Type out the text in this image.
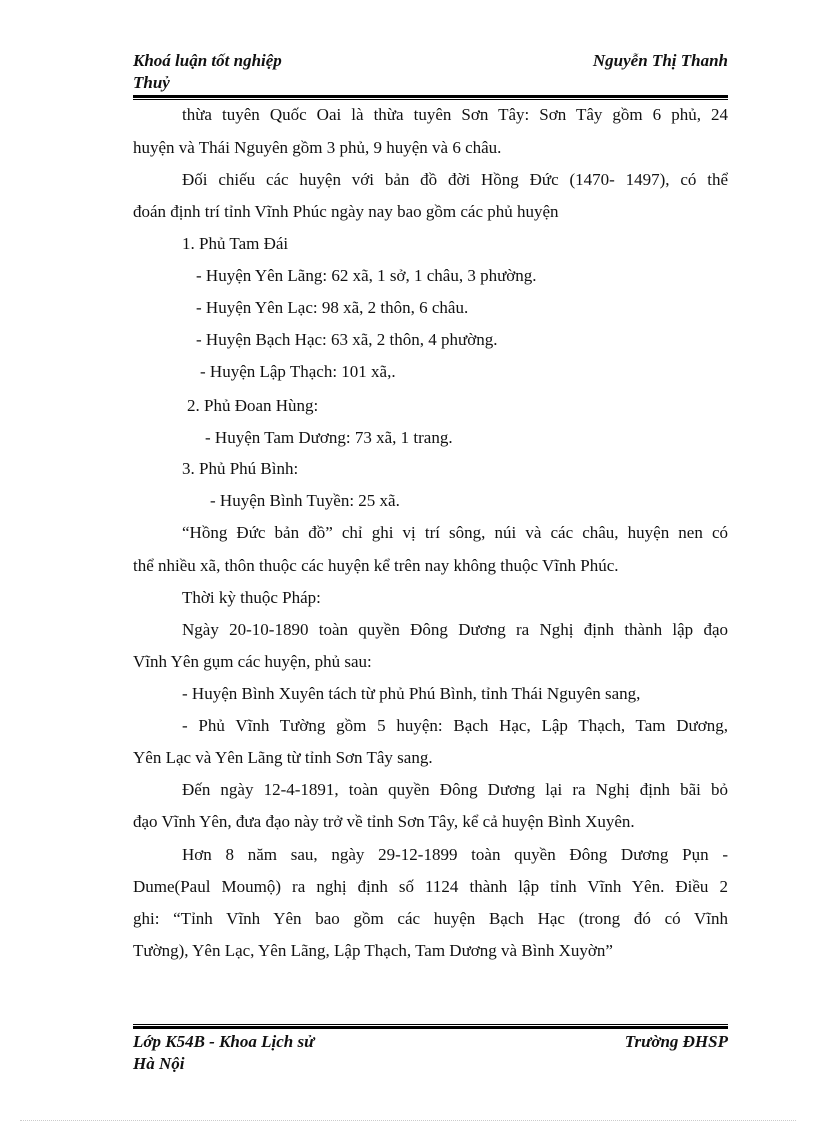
Khoá luận tốt nghiệp	Nguyễn Thị Thanh
Thuỷ
thừa tuyên Quốc Oai là thừa tuyên Sơn Tây: Sơn Tây gồm 6 phủ, 24
huyện và Thái Nguyên gồm 3 phủ, 9 huyện và 6 châu.
Đối chiếu các huyện với bản đồ đời Hồng Đức (1470- 1497), có thể
đoán định trí tỉnh Vĩnh Phúc ngày nay bao gồm các phủ huyện
1. Phủ Tam Đái
- Huyện Yên Lãng: 62 xã, 1 sở, 1 châu, 3 phường.
- Huyện Yên Lạc: 98 xã, 2 thôn, 6 châu.
- Huyện Bạch Hạc: 63 xã, 2 thôn, 4 phường.
- Huyện Lập Thạch: 101 xã,.
2. Phủ Đoan Hùng:
- Huyện Tam Dương: 73 xã, 1 trang.
3. Phủ Phú Bình:
- Huyện Bình Tuyền: 25 xã.
“Hồng Đức bản đồ” chỉ ghi vị trí sông, núi và các châu, huyện nen có
thể nhiều xã, thôn thuộc các huyện kể trên nay không thuộc Vĩnh Phúc.
Thời kỳ thuộc Pháp:
Ngày 20-10-1890 toàn quyền Đông Dương ra Nghị định thành lập đạo
Vĩnh Yên gụm các huyện, phủ sau:
- Huyện Bình Xuyên tách từ phủ Phú Bình, tỉnh Thái Nguyên sang,
- Phủ Vĩnh Tường gồm 5 huyện: Bạch Hạc, Lập Thạch, Tam Dương,
Yên Lạc và Yên Lãng từ tỉnh Sơn Tây sang.
Đến ngày 12-4-1891, toàn quyền Đông Dương lại ra Nghị định bãi bỏ
đạo Vĩnh Yên, đưa đạo này trở về tỉnh Sơn Tây, kể cả huyện Bình Xuyên.
Hơn 8 năm sau, ngày 29-12-1899 toàn quyền Đông Dương Pụn -
Dume(Paul Moumộ) ra nghị định số 1124 thành lập tỉnh Vĩnh Yên. Điều 2
ghi: “Tỉnh Vĩnh Yên bao gồm các huyện Bạch Hạc (trong đó có Vĩnh
Tường), Yên Lạc, Yên Lãng, Lập Thạch, Tam Dương và Bình Xuyờn”
Lớp K54B - Khoa Lịch sử	Trường ĐHSP
Hà Nội
